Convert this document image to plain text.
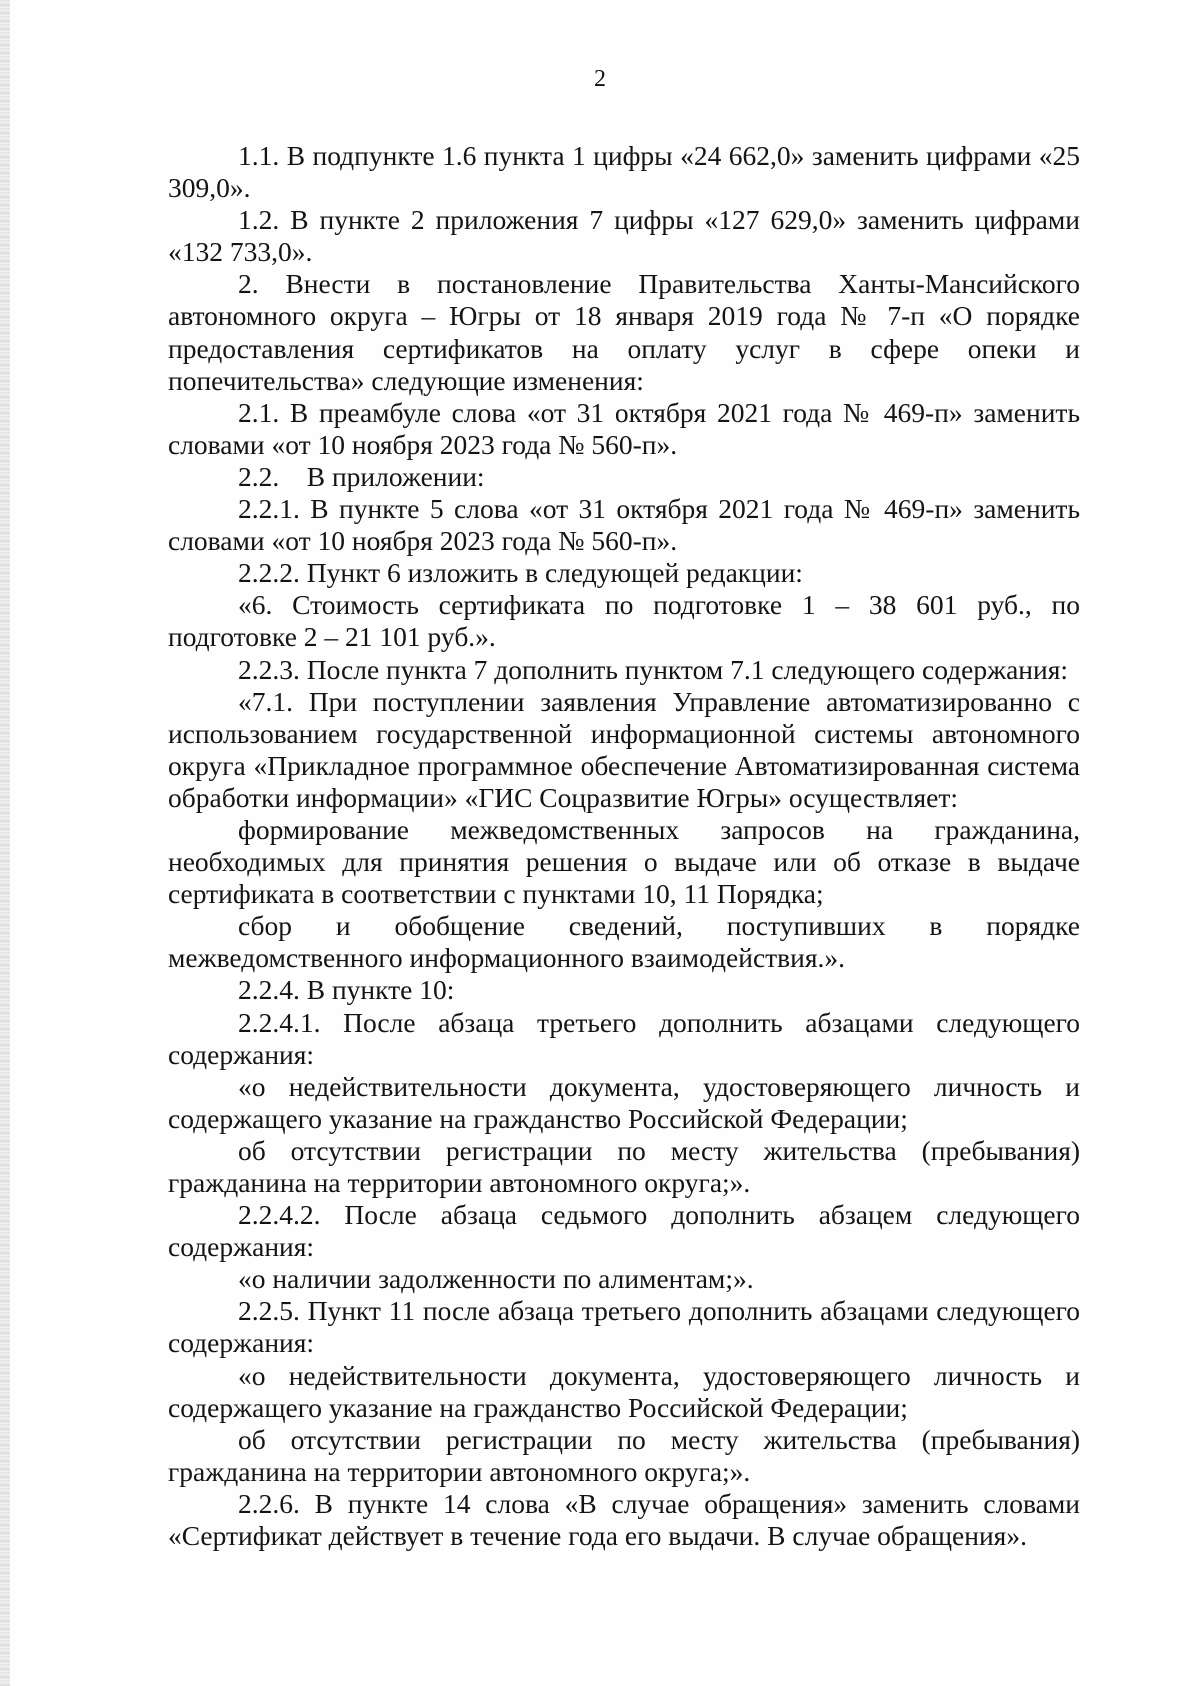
2

1.1. В подпункте 1.6 пункта 1 цифры «24 662,0» заменить цифрами «25 309,0».

1.2. В пункте 2 приложения 7 цифры «127 629,0» заменить цифрами «132 733,0».

2. Внести в постановление Правительства Ханты-Мансийского автономного округа – Югры от 18 января 2019 года № 7-п «О порядке предоставления сертификатов на оплату услуг в сфере опеки и попечительства» следующие изменения:

2.1. В преамбуле слова «от 31 октября 2021 года № 469-п» заменить словами «от 10 ноября 2023 года № 560-п».

2.2.    В приложении:

2.2.1. В пункте 5 слова «от 31 октября 2021 года № 469-п» заменить словами «от 10 ноября 2023 года № 560-п».

2.2.2. Пункт 6 изложить в следующей редакции:

«6. Стоимость сертификата по подготовке 1 – 38 601 руб., по подготовке 2 – 21 101 руб.».

2.2.3. После пункта 7 дополнить пунктом 7.1 следующего содержания:

«7.1. При поступлении заявления Управление автоматизированно с использованием государственной информационной системы автономного округа «Прикладное программное обеспечение Автоматизированная система обработки информации» «ГИС Соцразвитие Югры» осуществляет:

формирование межведомственных запросов на гражданина, необходимых для принятия решения о выдаче или об отказе в выдаче сертификата в соответствии с пунктами 10, 11 Порядка;

сбор и обобщение сведений, поступивших в порядке межведомственного информационного взаимодействия.».

2.2.4. В пункте 10:

2.2.4.1. После абзаца третьего дополнить абзацами следующего содержания:

«о недействительности документа, удостоверяющего личность и содержащего указание на гражданство Российской Федерации;

об отсутствии регистрации по месту жительства (пребывания) гражданина на территории автономного округа;».

2.2.4.2. После абзаца седьмого дополнить абзацем следующего содержания:

«о наличии задолженности по алиментам;».

2.2.5. Пункт 11 после абзаца третьего дополнить абзацами следующего содержания:

«о недействительности документа, удостоверяющего личность и содержащего указание на гражданство Российской Федерации;

об отсутствии регистрации по месту жительства (пребывания) гражданина на территории автономного округа;».

2.2.6. В пункте 14 слова «В случае обращения» заменить словами «Сертификат действует в течение года его выдачи. В случае обращения».
